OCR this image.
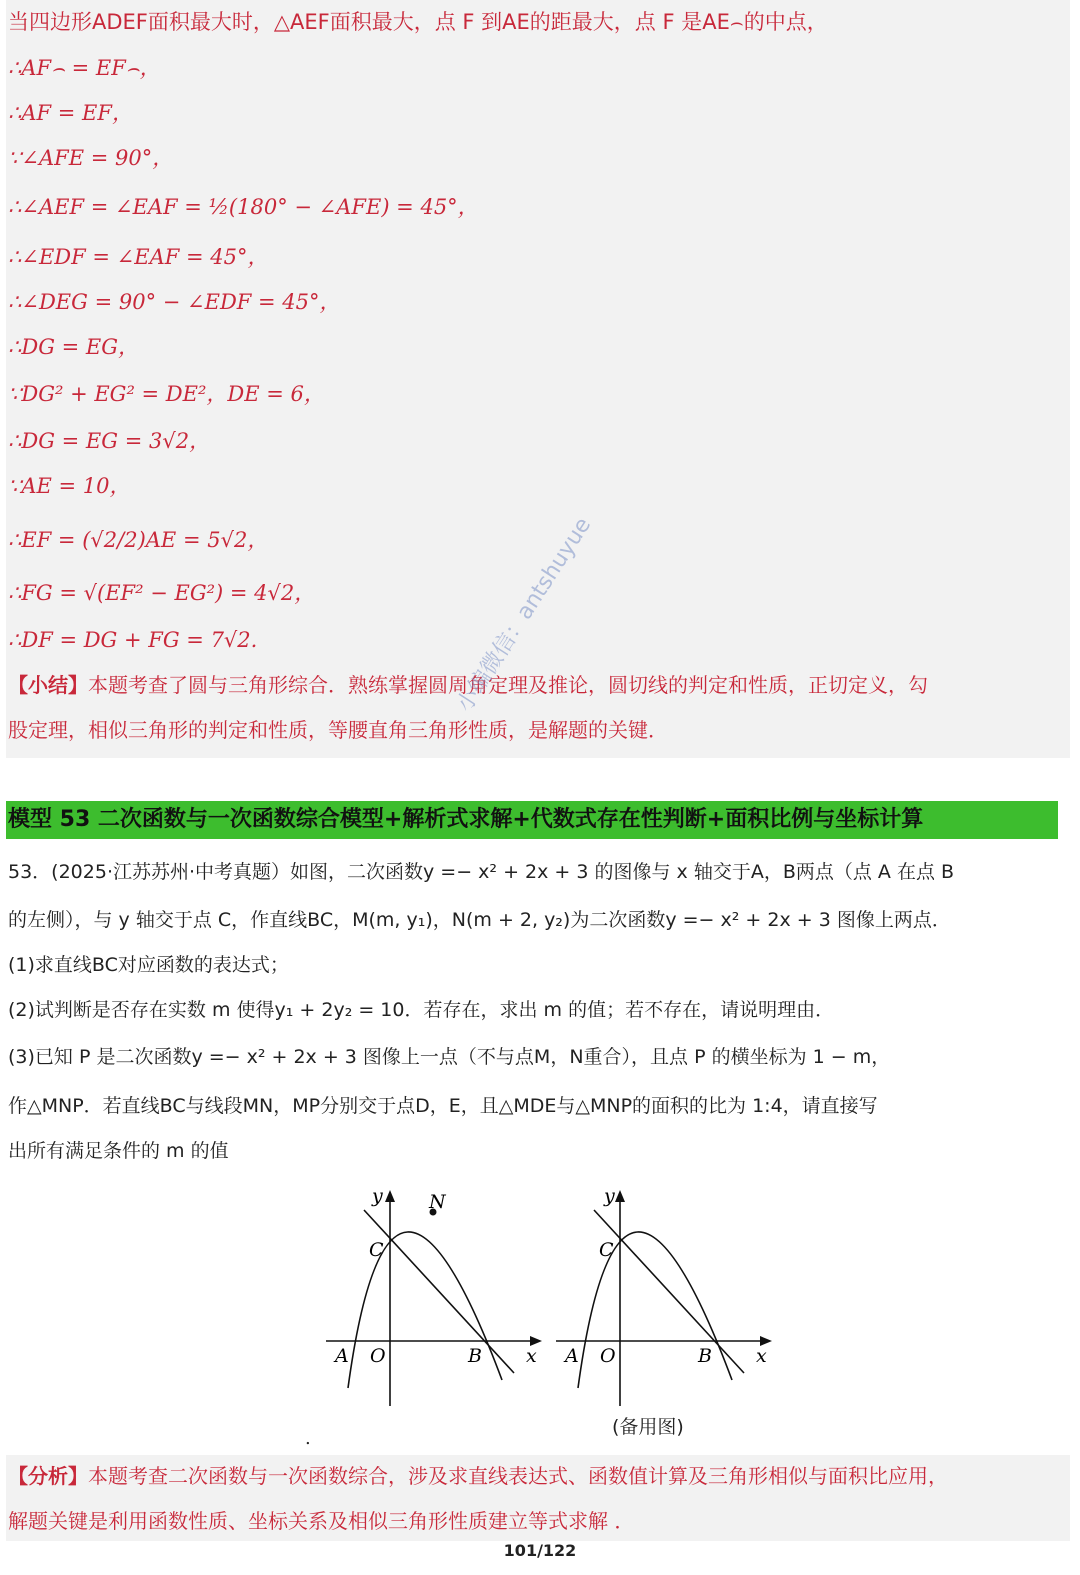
当四边形ADEF面积最大时，△AEF面积最大，点 F 到AE的距最大，点 F 是AE⌢的中点，
∴AF⌢ = EF⌢，
∴AF = EF，
∵∠AFE = 90°，
∴∠AEF = ∠EAF = ½(180° − ∠AFE) = 45°，
∴∠EDF = ∠EAF = 45°，
∴∠DEG = 90° − ∠EDF = 45°，
∴DG = EG，
∵DG² + EG² = DE²，DE = 6，
∴DG = EG = 3√2，
∵AE = 10，
∴EF = (√2/2)AE = 5√2，
∴FG = √(EF² − EG²) = 4√2，
∴DF = DG + FG = 7√2.
【小结】本题考查了圆与三角形综合．熟练掌握圆周角定理及推论，圆切线的判定和性质，正切定义，勾
股定理，相似三角形的判定和性质，等腰直角三角形性质，是解题的关键．
小编微信：antshuyue
模型 53 二次函数与一次函数综合模型+解析式求解+代数式存在性判断+面积比例与坐标计算
53．(2025·江苏苏州·中考真题）如图，二次函数y =− x² + 2x + 3 的图像与 x 轴交于A，B两点（点 A 在点 B
的左侧），与 y 轴交于点 C，作直线BC，M(m, y₁)，N(m + 2, y₂)为二次函数y =− x² + 2x + 3 图像上两点．
(1)求直线BC对应函数的表达式；
(2)试判断是否存在实数 m 使得y₁ + 2y₂ = 10．若存在，求出 m 的值；若不存在，请说明理由．
(3)已知 P 是二次函数y =− x² + 2x + 3 图像上一点（不与点M，N重合），且点 P 的横坐标为 1 − m，
作△MNP．若直线BC与线段MN，MP分别交于点D，E，且△MDE与△MNP的面积的比为 1:4，请直接写
出所有满足条件的 m 的值
y N
C
A O	B x
y
C
A O	B x
(备用图)
.
【分析】本题考查二次函数与一次函数综合，涉及求直线表达式、函数值计算及三角形相似与面积比应用，
解题关键是利用函数性质、坐标关系及相似三角形性质建立等式求解 ．
101/122
